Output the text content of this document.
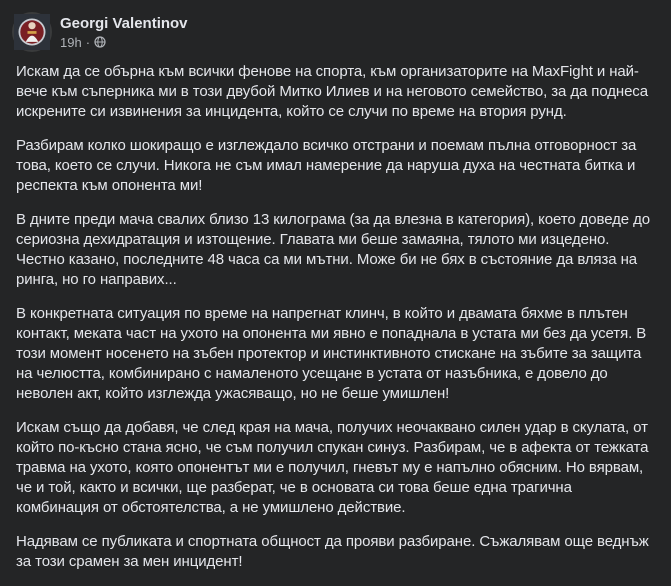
Georgi Valentinov
19h ·

Искам да се обърна към всички фенове на спорта, към организаторите на MaxFight и най-вече към съперника ми в този двубой Митко Илиев и на неговото семейство, за да поднеса искрените си извинения за инцидента, който се случи по време на втория рунд.

Разбирам колко шокиращо е изглеждало всичко отстрани и поемам пълна отговорност за това, което се случи. Никога не съм имал намерение да наруша духа на честната битка и респекта към опонента ми!

В дните преди мача свалих близо 13 килограма (за да влезна в категория), което доведе до сериозна дехидратация и изтощение. Главата ми беше замаяна, тялото ми изцедено. Честно казано, последните 48 часа са ми мътни. Може би не бях в състояние да вляза на ринга, но го направих...

В конкретната ситуация по време на напрегнат клинч, в който и двамата бяхме в плътен контакт, меката част на ухото на опонента ми явно е попаднала в устата ми без да усетя. В този момент носенето на зъбен протектор и инстинктивното стискане на зъбите за защита на челюстта, комбинирано с намаленото усещане в устата от назъбника, е довело до неволен акт, който изглежда ужасяващо, но не беше умишлен!

Искам също да добавя, че след края на мача, получих неочаквано силен удар в скулата, от който по-късно стана ясно, че съм получил спукан синуз. Разбирам, че в афекта от тежката травма на ухото, която опонентът ми е получил, гневът му е напълно обясним. Но вярвам, че и той, както и всички, ще разберат, че в основата си това беше една трагична комбинация от обстоятелства, а не умишлено действие.

Надявам се публиката и спортната общност да прояви разбиране. Съжалявам още веднъж за този срамен за мен инцидент!
